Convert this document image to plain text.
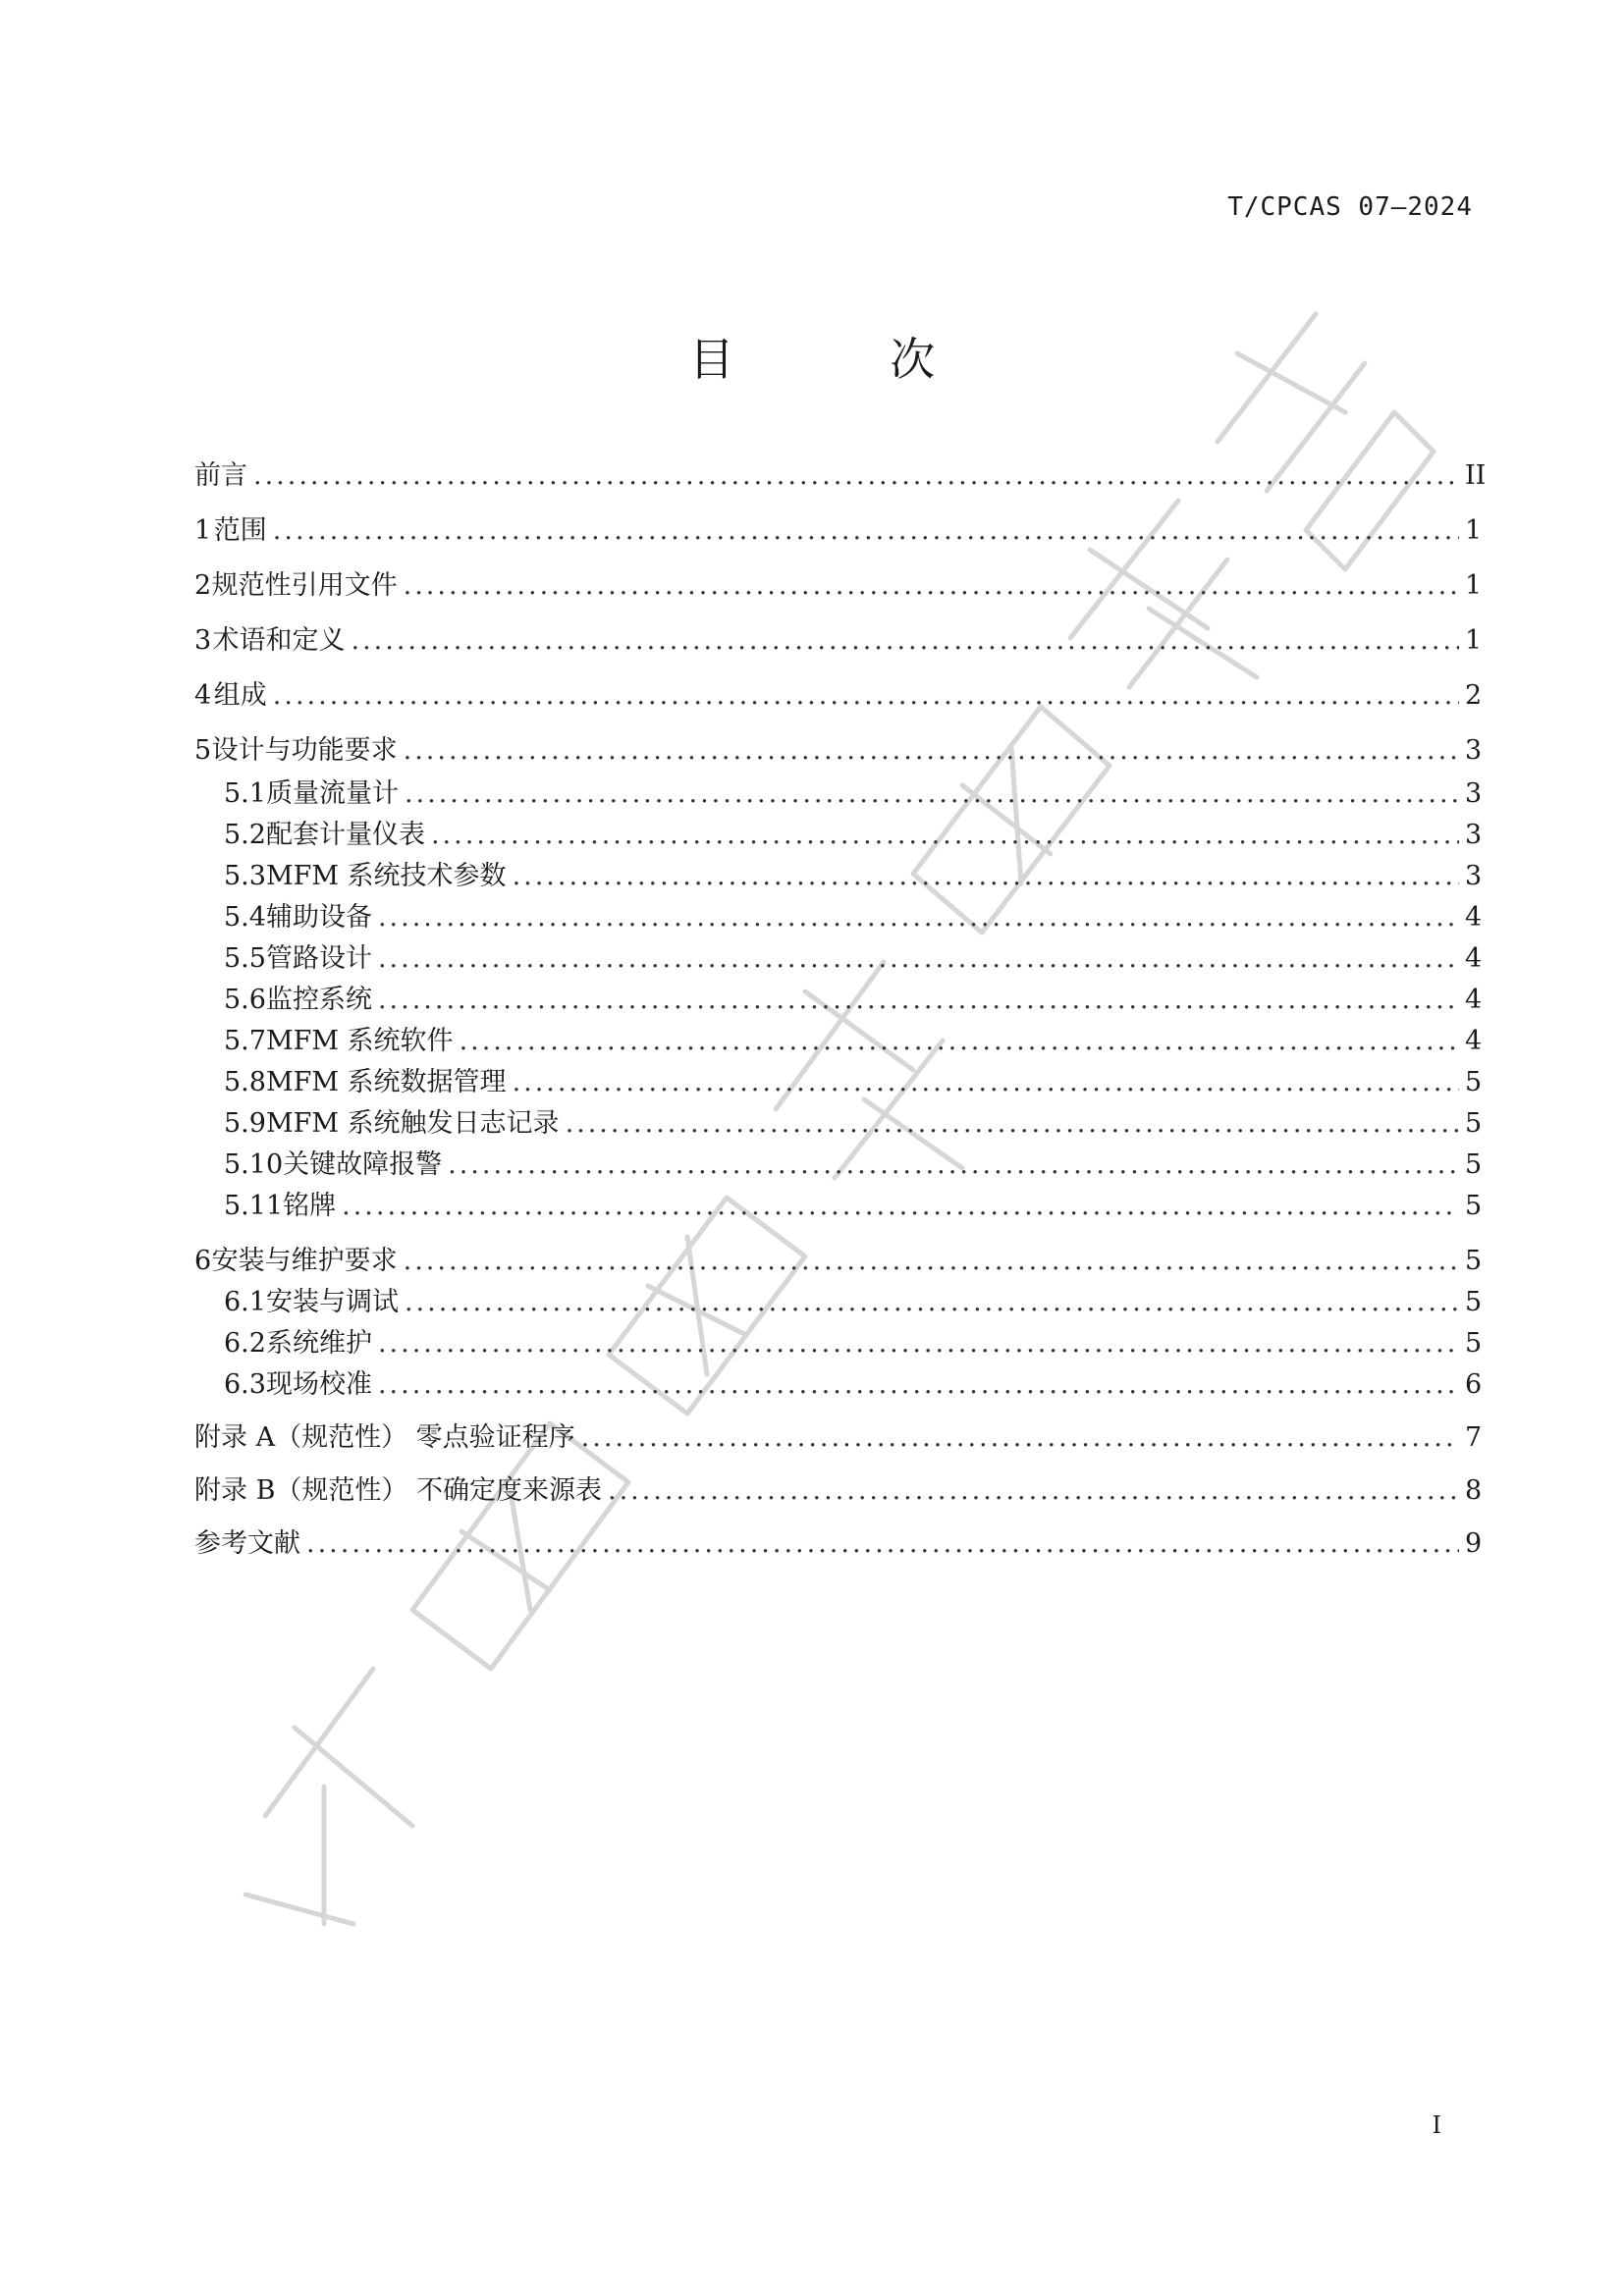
T/CPCAS 07—2024
目 次
前言 .....	II
1 范围 .....	1
2 规范性引用文件 .....	1
3 术语和定义 .....	1
4 组成 .....	2
5 设计与功能要求 .....	3
5.1 质量流量计 .....	3
5.2 配套计量仪表 .....	3
5.3 MFM 系统技术参数 .....	3
5.4 辅助设备 .....	4
5.5 管路设计 .....	4
5.6 监控系统 .....	4
5.7 MFM 系统软件 .....	4
5.8 MFM 系统数据管理 .....	5
5.9 MFM 系统触发日志记录 .....	5
5.10 关键故障报警 .....	5
5.11 铭牌 .....	5
6 安装与维护要求 .....	5
6.1 安装与调试 .....	5
6.2 系统维护 .....	5
6.3 现场校准 .....	6
附录 A（规范性） 零点验证程序 .....	7
附录 B（规范性） 不确定度来源表 .....	8
参考文献 .....	9
I
